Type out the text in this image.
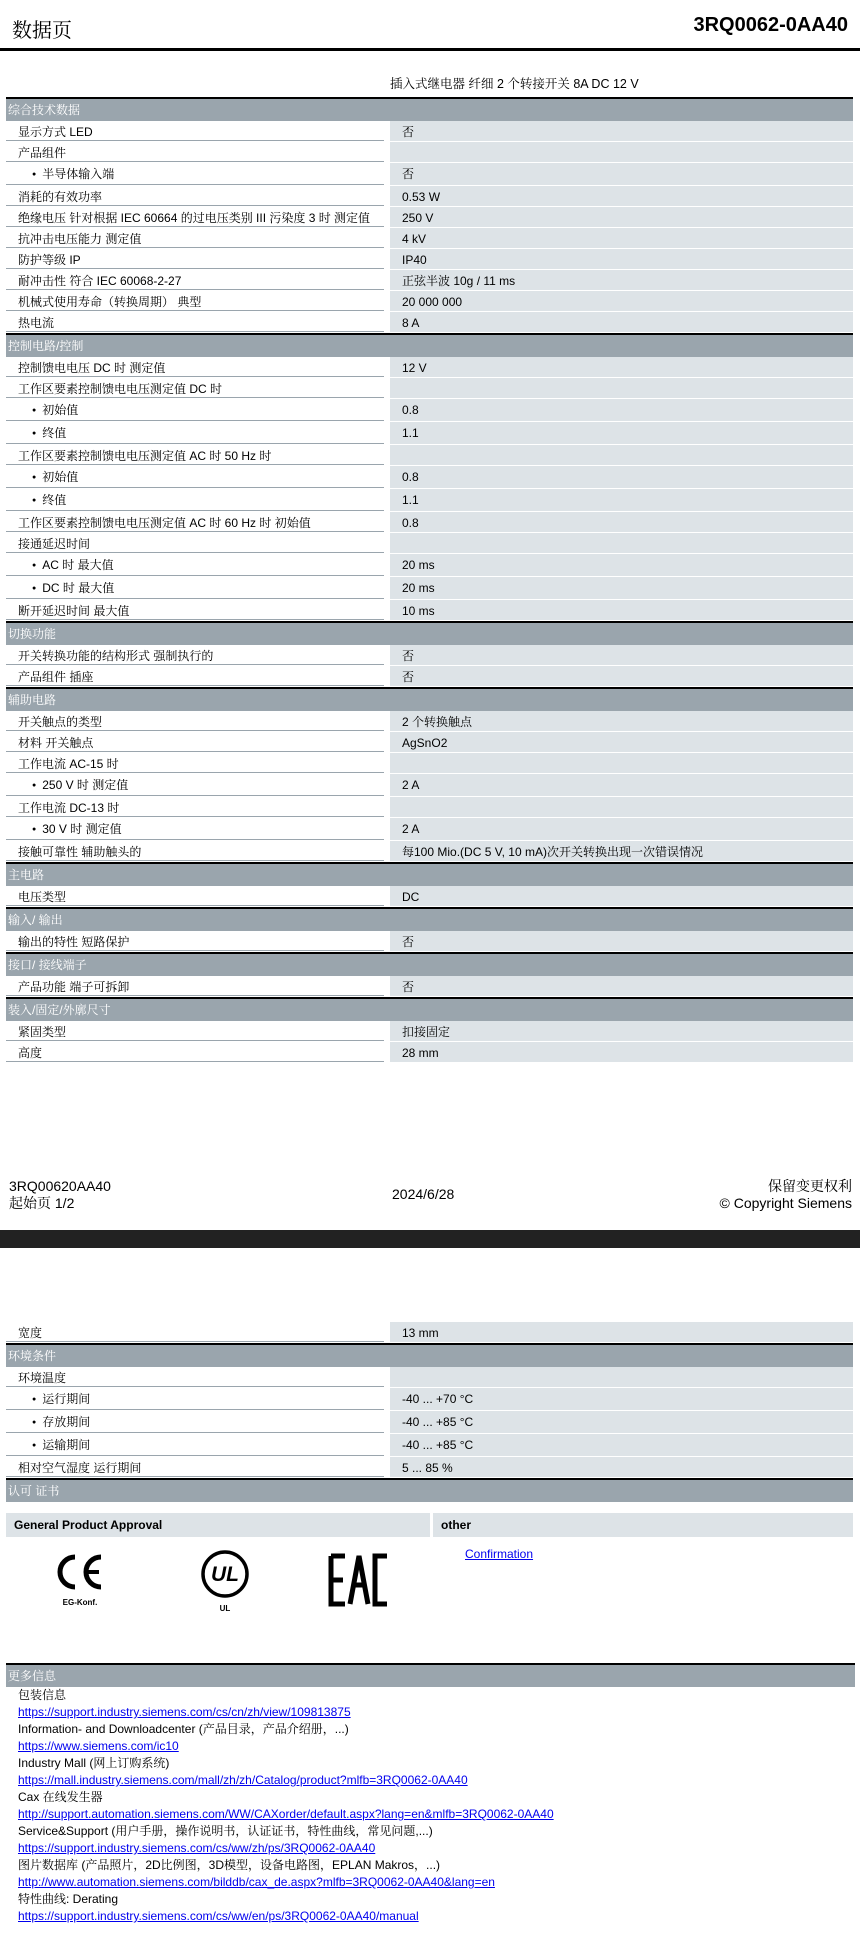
数据页	3RQ0062-0AA40
插入式继电器 纤细 2 个转接开关 8A DC 12 V
综合技术数据
显示方式 LED	否
产品组件
● 半导体输入端	否
消耗的有效功率	0.53 W
绝缘电压 针对根据 IEC 60664 的过电压类别 III 污染度 3 时 测定值	250 V
抗冲击电压能力 测定值	4 kV
防护等级 IP	IP40
耐冲击性 符合 IEC 60068-2-27	正弦半波 10g / 11 ms
机械式使用寿命（转换周期） 典型	20 000 000
热电流	8 A
控制电路/控制
控制馈电电压 DC 时 测定值	12 V
工作区要素控制馈电电压测定值 DC 时
● 初始值	0.8
● 终值	1.1
工作区要素控制馈电电压测定值 AC 时 50 Hz 时
● 初始值	0.8
● 终值	1.1
工作区要素控制馈电电压测定值 AC 时 60 Hz 时 初始值	0.8
接通延迟时间
● AC 时 最大值	20 ms
● DC 时 最大值	20 ms
断开延迟时间 最大值	10 ms
切换功能
开关转换功能的结构形式 强制执行的	否
产品组件 插座	否
辅助电路
开关触点的类型	2 个转换触点
材料 开关触点	AgSnO2
工作电流 AC-15 时
● 250 V 时 测定值	2 A
工作电流 DC-13 时
● 30 V 时 测定值	2 A
接触可靠性 辅助触头的	每100 Mio.(DC 5 V, 10 mA)次开关转换出现一次错误情况
主电路
电压类型	DC
输入/ 输出
输出的特性 短路保护	否
接口/ 接线端子
产品功能 端子可拆卸	否
装入/固定/外廓尺寸
紧固类型	扣接固定
高度	28 mm
3RQ00620AA40
起始页 1/2
2024/6/28	保留变更权利
© Copyright Siemens
宽度	13 mm
环境条件
环境温度
● 运行期间	-40 ... +70 °C
● 存放期间	-40 ... +85 °C
● 运输期间	-40 ... +85 °C
相对空气湿度 运行期间	5 ... 85 %
认可 证书
General Product Approval	other
EG-Konf.
UL
UL
Confirmation
更多信息
包装信息
https://support.industry.siemens.com/cs/cn/zh/view/109813875
Information- and Downloadcenter (产品目录，产品介绍册，...)
https://www.siemens.com/ic10
Industry Mall (网上订购系统)
https://mall.industry.siemens.com/mall/zh/zh/Catalog/product?mlfb=3RQ0062-0AA40
Cax 在线发生器
http://support.automation.siemens.com/WW/CAXorder/default.aspx?lang=en&mlfb=3RQ0062-0AA40
Service&Support (用户手册，操作说明书，认证证书，特性曲线，常见问题,...)
https://support.industry.siemens.com/cs/ww/zh/ps/3RQ0062-0AA40
图片数据库 (产品照片，2D比例图，3D模型，设备电路图，EPLAN Makros，...)
http://www.automation.siemens.com/bilddb/cax_de.aspx?mlfb=3RQ0062-0AA40&lang=en
特性曲线: Derating
https://support.industry.siemens.com/cs/ww/en/ps/3RQ0062-0AA40/manual
